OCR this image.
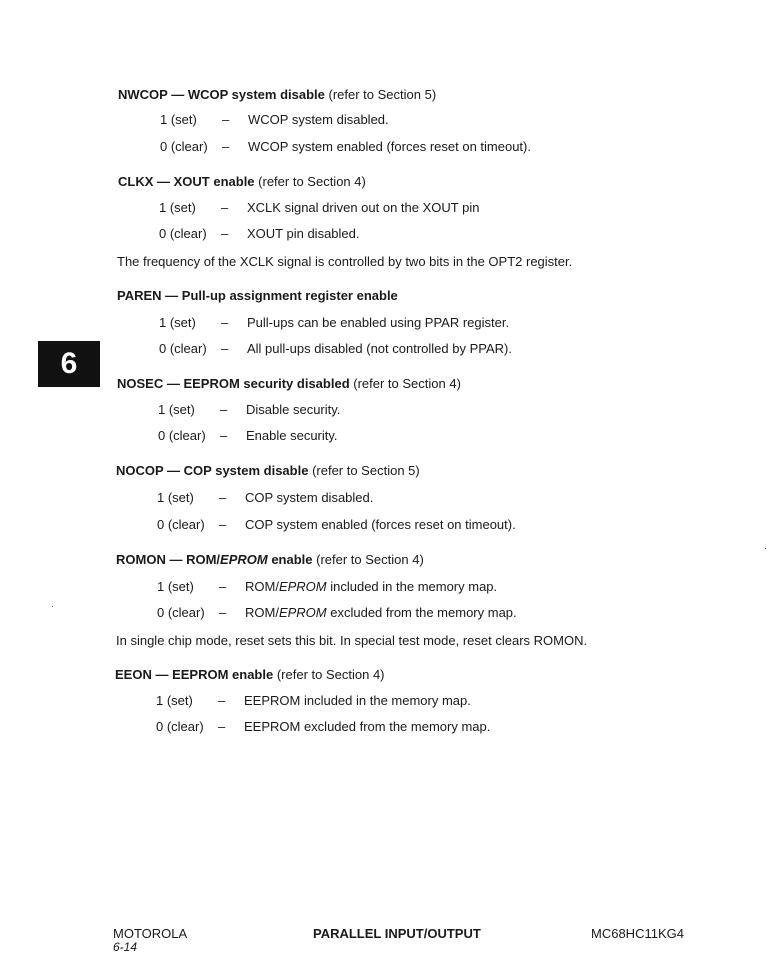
6
NWCOP — WCOP system disable (refer to Section 5)
1 (set) – WCOP system disabled.
0 (clear) – WCOP system enabled (forces reset on timeout).
CLKX — XOUT enable (refer to Section 4)
1 (set) – XCLK signal driven out on the XOUT pin
0 (clear) – XOUT pin disabled.
The frequency of the XCLK signal is controlled by two bits in the OPT2 register.
PAREN — Pull-up assignment register enable
1 (set) – Pull-ups can be enabled using PPAR register.
0 (clear) – All pull-ups disabled (not controlled by PPAR).
NOSEC — EEPROM security disabled (refer to Section 4)
1 (set) – Disable security.
0 (clear) – Enable security.
NOCOP — COP system disable (refer to Section 5)
1 (set) – COP system disabled.
0 (clear) – COP system enabled (forces reset on timeout).
ROMON — ROM/EPROM enable (refer to Section 4)
1 (set) – ROM/EPROM included in the memory map.
0 (clear) – ROM/EPROM excluded from the memory map.
In single chip mode, reset sets this bit. In special test mode, reset clears ROMON.
EEON — EEPROM enable (refer to Section 4)
1 (set) – EEPROM included in the memory map.
0 (clear) – EEPROM excluded from the memory map.
MOTOROLA
6-14
PARALLEL INPUT/OUTPUT	MC68HC11KG4
